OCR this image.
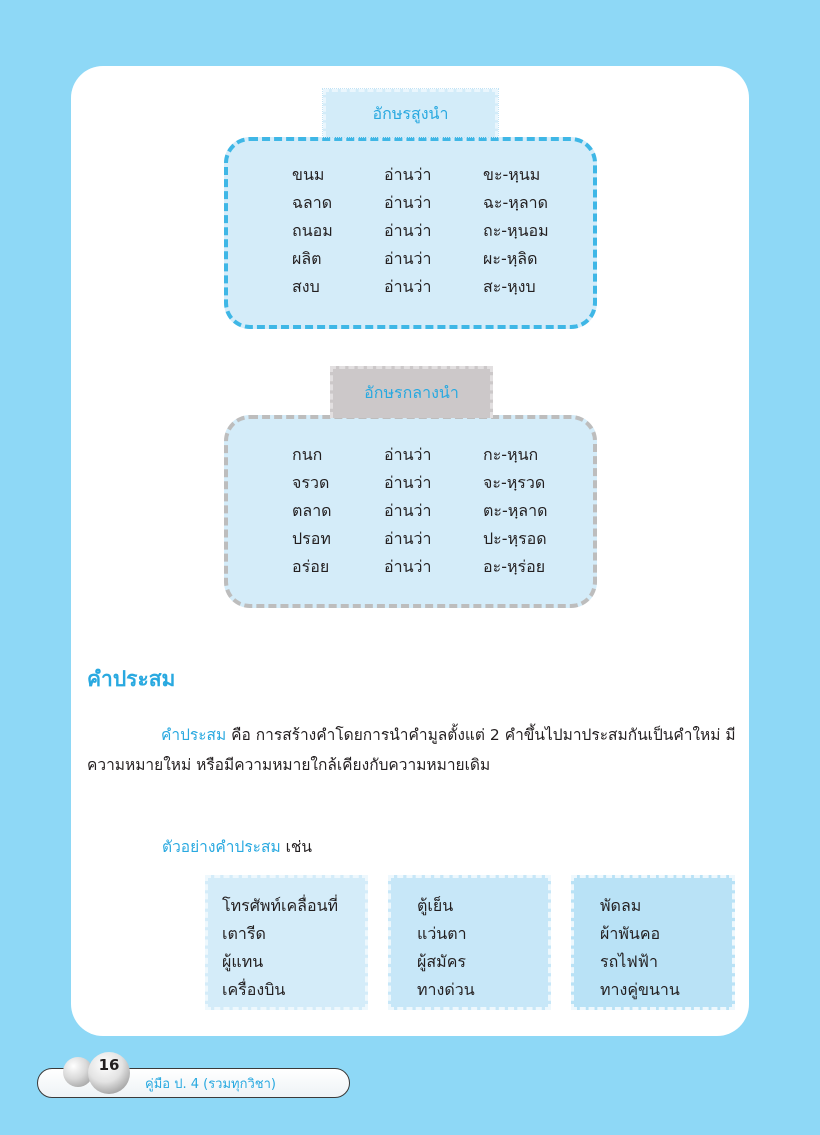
อักษรสูงนำ
ขนม	อ่านว่า	ขะ-หฺนม
ฉลาด	อ่านว่า	ฉะ-หฺลาด
ถนอม	อ่านว่า	ถะ-หฺนอม
ผลิต	อ่านว่า	ผะ-หฺลิด
สงบ	อ่านว่า	สะ-หฺงบ
อักษรกลางนำ
กนก	อ่านว่า	กะ-หฺนก
จรวด	อ่านว่า	จะ-หฺรวด
ตลาด	อ่านว่า	ตะ-หฺลาด
ปรอท	อ่านว่า	ปะ-หฺรอด
อร่อย	อ่านว่า	อะ-หฺร่อย
คำประสม

คำประสม คือ การสร้างคำโดยการนำคำมูลตั้งแต่ 2 คำขึ้นไปมาประสมกันเป็นคำใหม่ มีความหมายใหม่ หรือมีความหมายใกล้เคียงกับความหมายเดิม

ตัวอย่างคำประสม เช่น
โทรศัพท์เคลื่อนที่
เตารีด
ผู้แทน
เครื่องบิน
ตู้เย็น
แว่นตา
ผู้สมัคร
ทางด่วน
พัดลม
ผ้าพันคอ
รถไฟฟ้า
ทางคู่ขนาน
16
คู่มือ ป. 4 (รวมทุกวิชา)
